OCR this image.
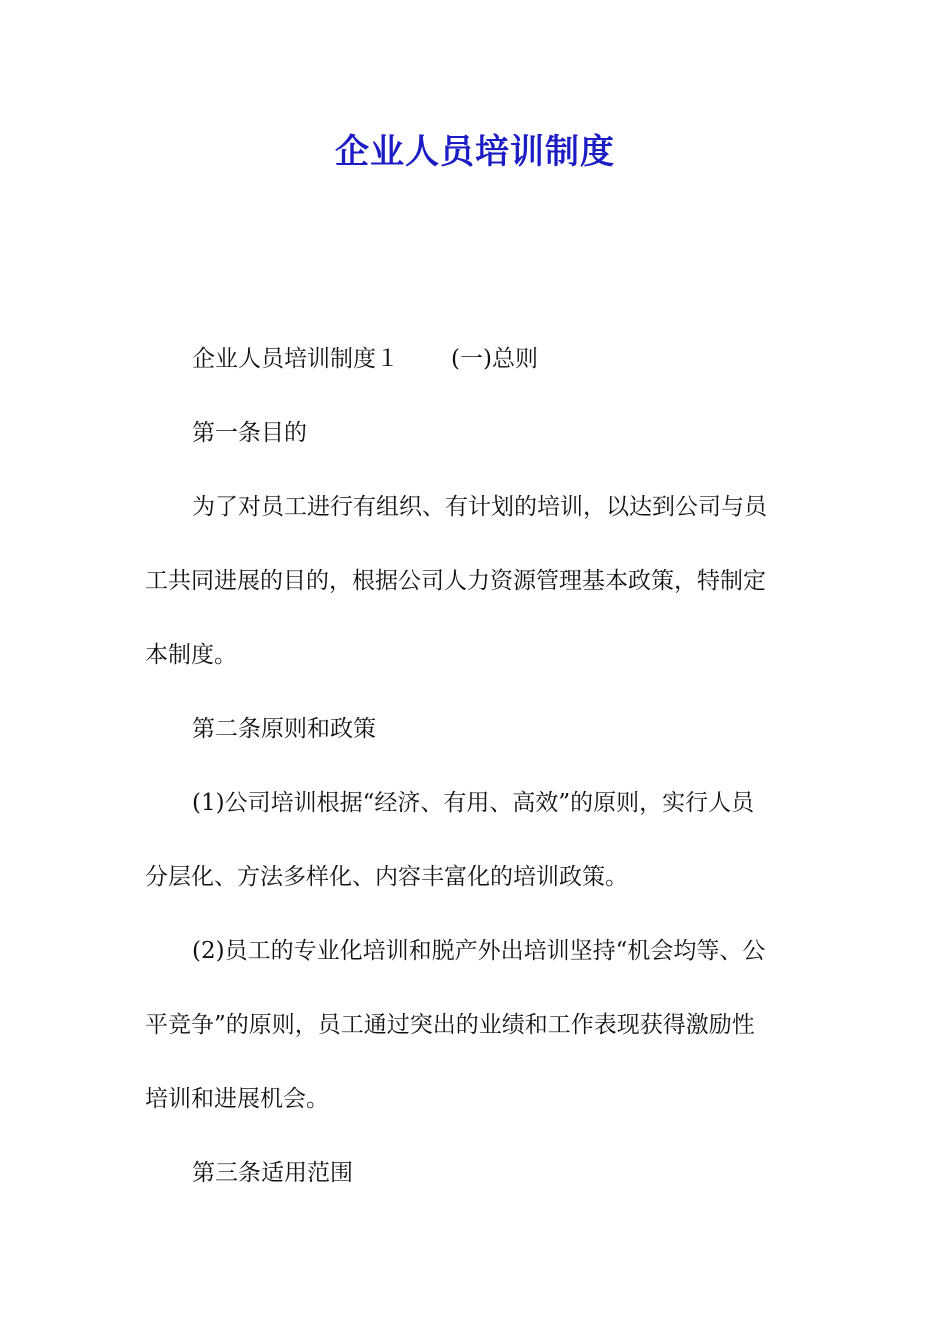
企业人员培训制度
企业人员培训制度１ (一)总则
第一条目的
为了对员工进行有组织、有计划的培训，以达到公司与员
工共同进展的目的，根据公司人力资源管理基本政策，特制定
本制度。
第二条原则和政策
(1)公司培训根据“经济、有用、高效”的原则，实行人员
分层化、方法多样化、内容丰富化的培训政策。
(2)员工的专业化培训和脱产外出培训坚持“机会均等、公
平竞争”的原则，员工通过突出的业绩和工作表现获得激励性
培训和进展机会。
第三条适用范围
